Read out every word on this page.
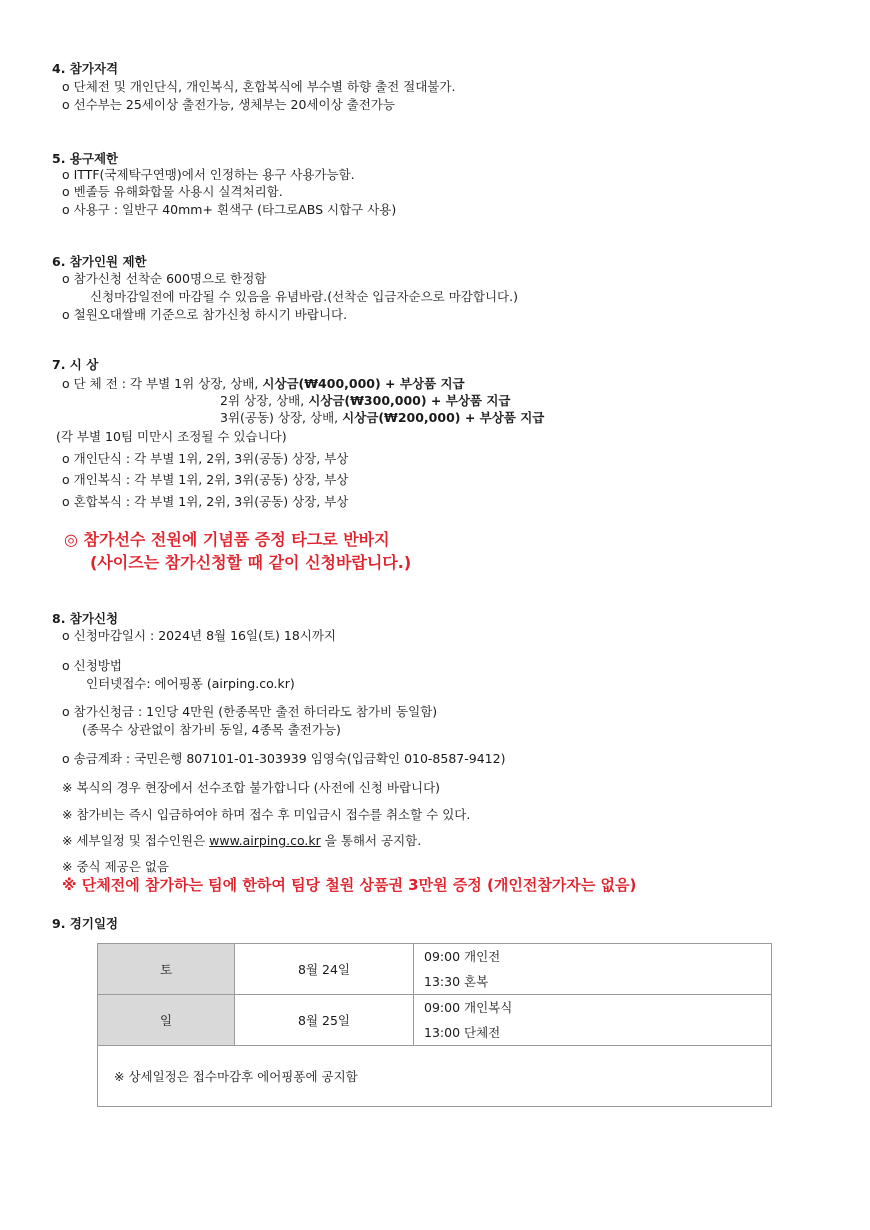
4. 참가자격
o 단체전 및 개인단식, 개인복식, 혼합복식에 부수별 하향 출전 절대불가.
o 선수부는 25세이상 출전가능, 생체부는 20세이상 출전가능
5. 용구제한
o ITTF(국제탁구연맹)에서 인정하는 용구 사용가능함.
o 벤졸등 유해화합물 사용시 실격처리함.
o 사용구 : 일반구 40mm+ 흰색구 (타그로ABS 시합구 사용)
6. 참가인원 제한
o 참가신청 선착순 600명으로 한정함
신청마감일전에 마감될 수 있음을 유념바람.(선착순 입금자순으로 마감합니다.)
o 철원오대쌀배 기준으로 참가신청 하시기 바랍니다.
7. 시 상
o 단 체 전 : 각 부별 1위 상장, 상배, 시상금(₩400,000) + 부상품 지급
2위 상장, 상배, 시상금(₩300,000) + 부상품 지급
3위(공동) 상장, 상배, 시상금(₩200,000) + 부상품 지급
(각 부별 10팀 미만시 조정될 수 있습니다)
o 개인단식 : 각 부별 1위, 2위, 3위(공동) 상장, 부상
o 개인복식 : 각 부별 1위, 2위, 3위(공동) 상장, 부상
o 혼합복식 : 각 부별 1위, 2위, 3위(공동) 상장, 부상
◎ 참가선수 전원에 기념품 증정 타그로 반바지
(사이즈는 참가신청할 때 같이 신청바랍니다.)
8. 참가신청
o 신청마감일시 : 2024년 8월 16일(토) 18시까지
o 신청방법
인터넷접수: 에어핑퐁 (airping.co.kr)
o 참가신청금 : 1인당 4만원 (한종목만 출전 하더라도 참가비 동일함)
(종목수 상관없이 참가비 동일, 4종목 출전가능)
o 송금계좌 : 국민은행 807101-01-303939 임영숙(입금확인 010-8587-9412)
※ 복식의 경우 현장에서 선수조합 불가합니다 (사전에 신청 바랍니다)
※ 참가비는 즉시 입금하여야 하며 접수 후 미입금시 접수를 취소할 수 있다.
※ 세부일정 및 접수인원은 www.airping.co.kr 을 통해서 공지함.
※ 중식 제공은 없음
※ 단체전에 참가하는 팀에 한하여 팀당 철원 상품권 3만원 증정 (개인전참가자는 없음)
9. 경기일정
토	8월 24일	09:00 개인전
13:30 혼복

일	8월 25일	09:00 개인복식
13:00 단체전

※ 상세일정은 접수마감후 에어핑퐁에 공지함		
